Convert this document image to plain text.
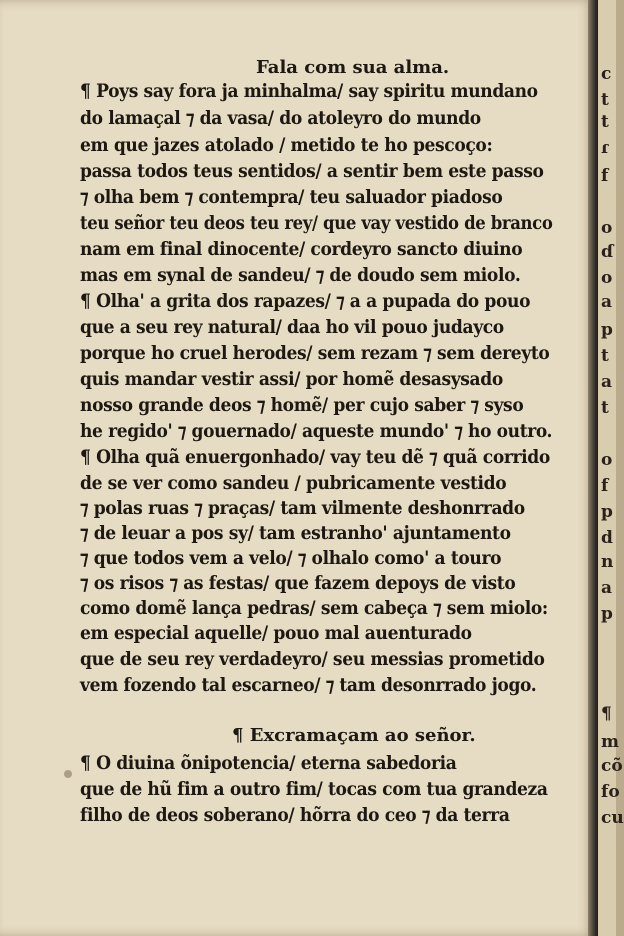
Fala com sua alma.
¶ Poys say fora ja minhalma/ say spiritu mundano
do lamaçal ⁊ da vasa/ do atoleyro do mundo
em que jazes atolado / metido te ho pescoço:
passa todos teus sentidos/ a sentir bem este passo
⁊ olha bem ⁊ contempra/ teu saluador piadoso
teu señor teu deos teu rey/ que vay vestido de branco
nam em final dinocente/ cordeyro sancto diuino
mas em synal de sandeu/ ⁊ de doudo sem miolo.
¶ Olha' a grita dos rapazes/ ⁊ a a pupada do pouo
que a seu rey natural/ daa ho vil pouo judayco
porque ho cruel herodes/ sem rezam ⁊ sem dereyto
quis mandar vestir assi/ por homẽ desasysado
nosso grande deos ⁊ homẽ/ per cujo saber ⁊ syso
he regido' ⁊ gouernado/ aqueste mundo' ⁊ ho outro.
¶ Olha quã enuergonhado/ vay teu dẽ ⁊ quã corrido
de se ver como sandeu / pubricamente vestido
⁊ polas ruas ⁊ praças/ tam vilmente deshonrrado
⁊ de leuar a pos sy/ tam estranho' ajuntamento
⁊ que todos vem a velo/ ⁊ olhalo como' a touro
⁊ os risos ⁊ as festas/ que fazem depoys de visto
como domẽ lança pedras/ sem cabeça ⁊ sem miolo:
em especial aquelle/ pouo mal auenturado
que de seu rey verdadeyro/ seu messias prometido
vem fozendo tal escarneo/ ⁊ tam desonrrado jogo.
¶ Excramaçam ao señor.
¶ O diuina õnipotencia/ eterna sabedoria
que de hũ fim a outro fim/ tocas com tua grandeza
filho de deos soberano/ hõrra do ceo ⁊ da terra
c
t
t
ɾ
f
o
ɗ
o
a
p
t
a
t
o
f
p
d
n
a
p
¶
m
cõ
fo
cu
